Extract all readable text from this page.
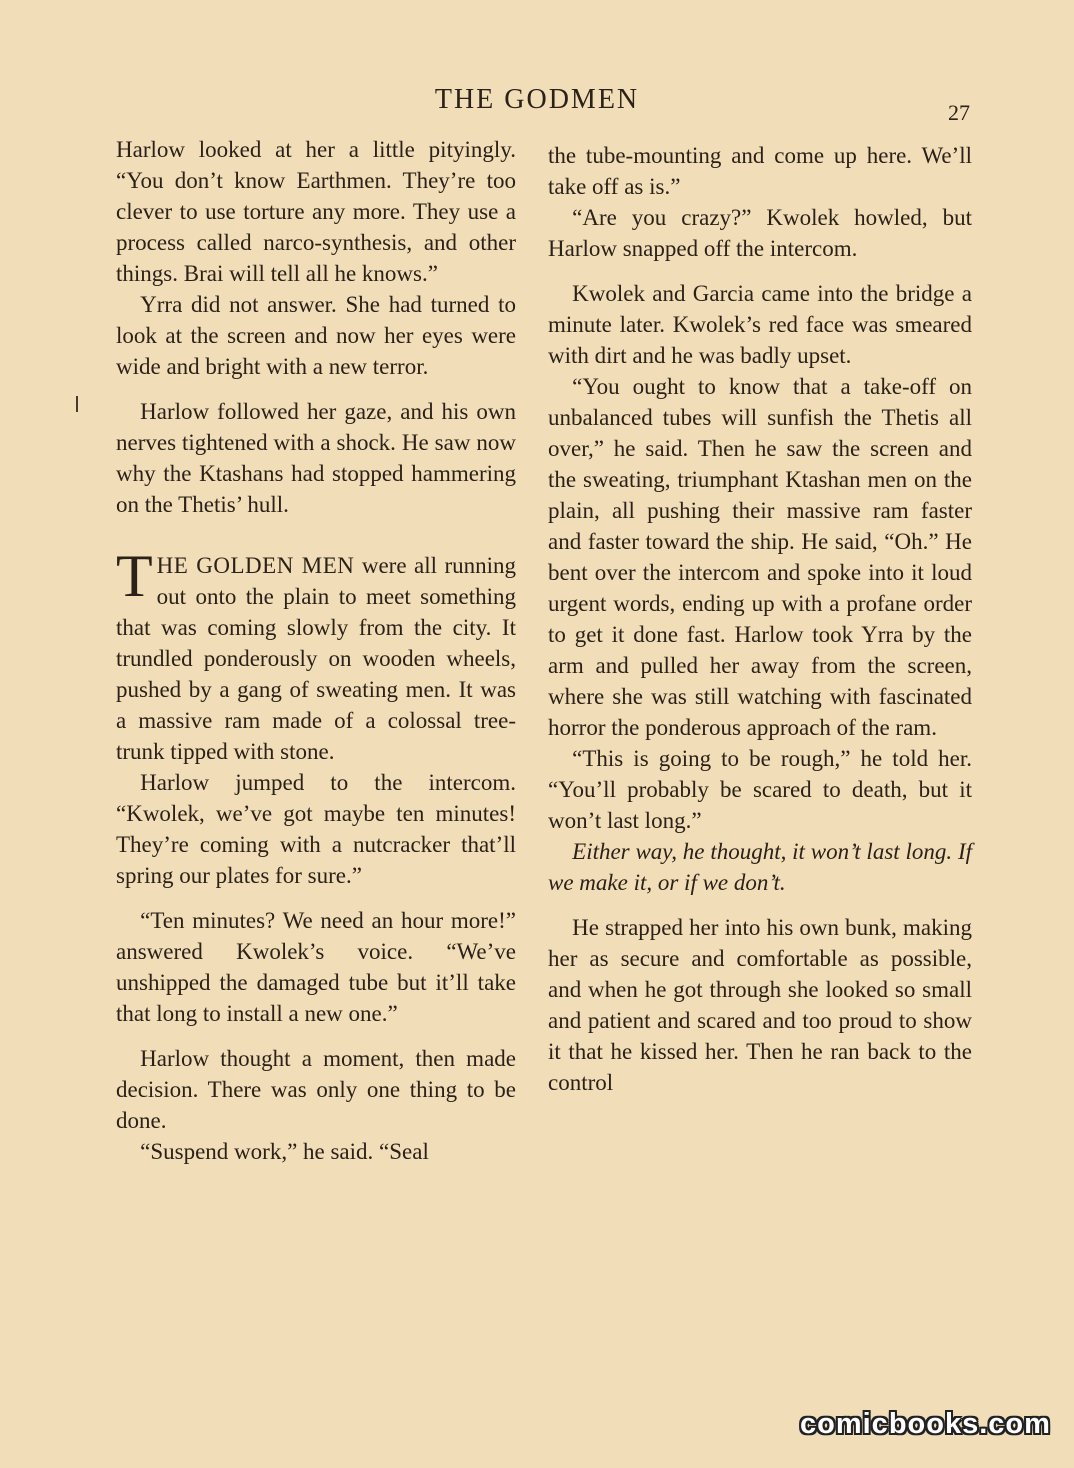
THE GODMEN	27

Harlow looked at her a little pityingly. “You don’t know Earthmen. They’re too clever to use torture any more. They use a process called narco-synthesis, and other things. Brai will tell all he knows.”

Yrra did not answer. She had turned to look at the screen and now her eyes were wide and bright with a new terror.

Harlow followed her gaze, and his own nerves tightened with a shock. He saw now why the Ktashans had stopped hammering on the Thetis’ hull.

T HE GOLDEN MEN were all running out onto the plain to meet something that was coming slowly from the city. It trundled ponderously on wooden wheels, pushed by a gang of sweating men. It was a massive ram made of a colossal tree-trunk tipped with stone.

Harlow jumped to the intercom. “Kwolek, we’ve got maybe ten minutes! They’re coming with a nutcracker that’ll spring our plates for sure.”

“Ten minutes? We need an hour more!” answered Kwolek’s voice. “We’ve unshipped the damaged tube but it’ll take that long to install a new one.”

Harlow thought a moment, then made decision. There was only one thing to be done.

“Suspend work,” he said. “Seal

the tube-mounting and come up here. We’ll take off as is.”

“Are you crazy?” Kwolek howled, but Harlow snapped off the intercom.

Kwolek and Garcia came into the bridge a minute later. Kwolek’s red face was smeared with dirt and he was badly upset.

“You ought to know that a take-off on unbalanced tubes will sunfish the Thetis all over,” he said. Then he saw the screen and the sweating, triumphant Ktashan men on the plain, all pushing their massive ram faster and faster toward the ship. He said, “Oh.” He bent over the intercom and spoke into it loud urgent words, ending up with a profane order to get it done fast. Harlow took Yrra by the arm and pulled her away from the screen, where she was still watching with fascinated horror the ponderous approach of the ram.

“This is going to be rough,” he told her. “You’ll probably be scared to death, but it won’t last long.”

Either way, he thought, it won’t last long. If we make it, or if we don’t.

He strapped her into his own bunk, making her as secure and comfortable as possible, and when he got through she looked so small and patient and scared and too proud to show it that he kissed her. Then he ran back to the control

comicbooks.com
